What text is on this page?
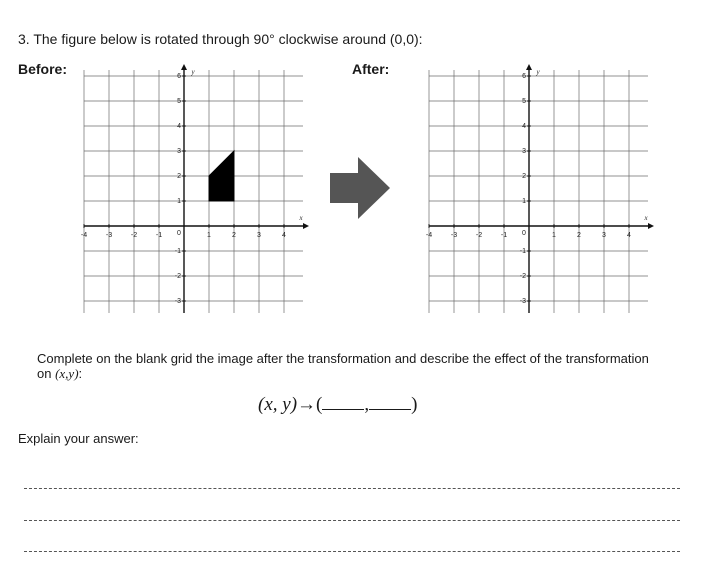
3. The figure below is rotated through 90° clockwise around (0,0):
Before:	After:
-4	-3	-2	-1	1	2	3	4
6
5
4
3
2
1
-1
-2
-3
0
x
y
-4	-3	-2	-1	1	2	3	4
6
5
4
3
2
1
-1
-2
-3
0
x
y
Complete on the blank grid the image after the transformation and describe the effect of the transformation on (x,y):
(x, y)→( , )
Explain your answer:
